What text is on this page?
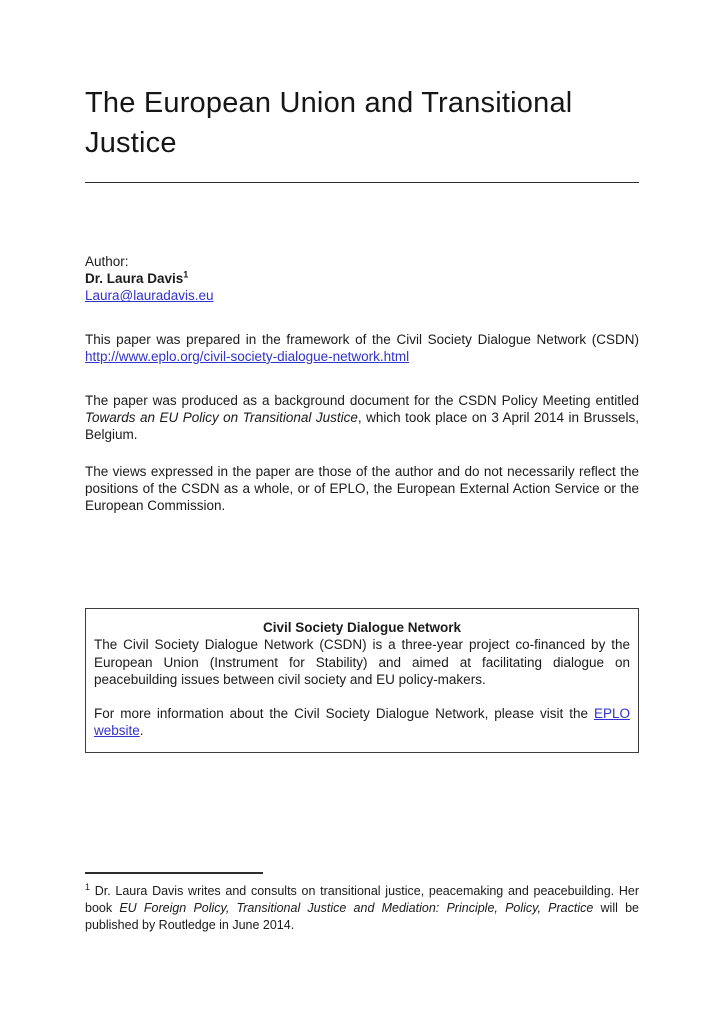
The European Union and Transitional Justice
Author:
Dr. Laura Davis$^1$
Laura@lauradavis.eu

This paper was prepared in the framework of the Civil Society Dialogue Network (CSDN)
http://www.eplo.org/civil-society-dialogue-network.html

The paper was produced as a background document for the CSDN Policy Meeting entitled Towards an EU Policy on Transitional Justice, which took place on 3 April 2014 in Brussels, Belgium.

The views expressed in the paper are those of the author and do not necessarily reflect the positions of the CSDN as a whole, or of EPLO, the European External Action Service or the European Commission.

Civil Society Dialogue Network

The Civil Society Dialogue Network (CSDN) is a three-year project co-financed by the European Union (Instrument for Stability) and aimed at facilitating dialogue on peacebuilding issues between civil society and EU policy-makers.

For more information about the Civil Society Dialogue Network, please visit the EPLO website.

$^1$ Dr. Laura Davis writes and consults on transitional justice, peacemaking and peacebuilding. Her book EU Foreign Policy, Transitional Justice and Mediation: Principle, Policy, Practice will be published by Routledge in June 2014.
